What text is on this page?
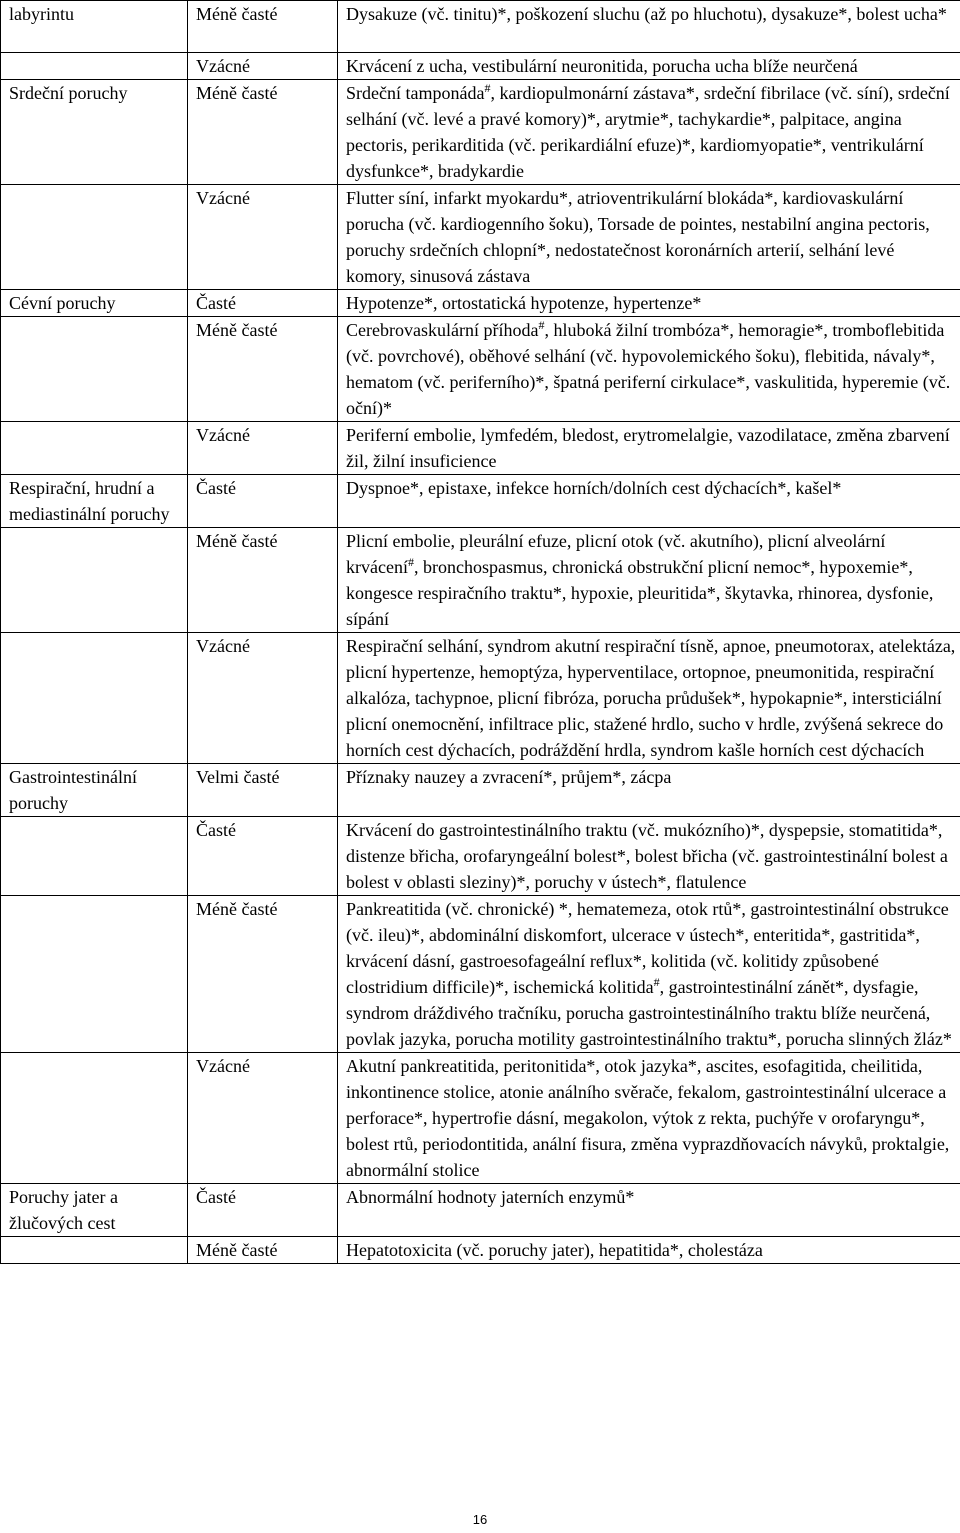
labyrintu	Méně časté	Dysakuze (vč. tinitu)*, poškození sluchu (až po hluchotu), dysakuze*, bolest ucha*
	Vzácné	Krvácení z ucha, vestibulární neuronitida, porucha ucha blíže neurčená
Srdeční poruchy	Méně časté	Srdeční tamponáda#, kardiopulmonární zástava*, srdeční fibrilace (vč. síní), srdeční selhání (vč. levé a pravé komory)*, arytmie*, tachykardie*, palpitace, angina pectoris, perikarditida (vč. perikardiální efuze)*, kardiomyopatie*, ventrikulární dysfunkce*, bradykardie
	Vzácné	Flutter síní, infarkt myokardu*, atrioventrikulární blokáda*, kardiovaskulární porucha (vč. kardiogenního šoku), Torsade de pointes, nestabilní angina pectoris, poruchy srdečních chlopní*, nedostatečnost koronárních arterií, selhání levé komory, sinusová zástava
Cévní poruchy	Časté	Hypotenze*, ortostatická hypotenze, hypertenze*
	Méně časté	Cerebrovaskulární příhoda#, hluboká žilní trombóza*, hemoragie*, tromboflebitida (vč. povrchové), oběhové selhání (vč. hypovolemického šoku), flebitida, návaly*, hematom (vč. periferního)*, špatná periferní cirkulace*, vaskulitida, hyperemie (vč. oční)*
	Vzácné	Periferní embolie, lymfedém, bledost, erytromelalgie, vazodilatace, změna zbarvení žil, žilní insuficience
Respirační, hrudní a mediastinální poruchy	Časté	Dyspnoe*, epistaxe, infekce horních/dolních cest dýchacích*, kašel*
	Méně časté	Plicní embolie, pleurální efuze, plicní otok (vč. akutního), plicní alveolární krvácení#, bronchospasmus, chronická obstrukční plicní nemoc*, hypoxemie*, kongesce respiračního traktu*, hypoxie, pleuritida*, škytavka, rhinorea, dysfonie, sípání
	Vzácné	Respirační selhání, syndrom akutní respirační tísně, apnoe, pneumotorax, atelektáza, plicní hypertenze, hemoptýza, hyperventilace, ortopnoe, pneumonitida, respirační alkalóza, tachypnoe, plicní fibróza, porucha průdušek*, hypokapnie*, intersticiální plicní onemocnění, infiltrace plic, stažené hrdlo, sucho v hrdle, zvýšená sekrece do horních cest dýchacích, podráždění hrdla, syndrom kašle horních cest dýchacích
Gastrointestinální poruchy	Velmi časté	Příznaky nauzey a zvracení*, průjem*, zácpa
	Časté	Krvácení do gastrointestinálního traktu (vč. mukózního)*, dyspepsie, stomatitida*, distenze břicha, orofaryngeální bolest*, bolest břicha (vč. gastrointestinální bolest a bolest v oblasti sleziny)*, poruchy v ústech*, flatulence
	Méně časté	Pankreatitida (vč. chronické) *, hematemeza, otok rtů*, gastrointestinální obstrukce (vč. ileu)*, abdominální diskomfort, ulcerace v ústech*, enteritida*, gastritida*, krvácení dásní, gastroesofageální reflux*, kolitida (vč. kolitidy způsobené clostridium difficile)*, ischemická kolitida#, gastrointestinální zánět*, dysfagie, syndrom dráždivého tračníku, porucha gastrointestinálního traktu blíže neurčená, povlak jazyka, porucha motility gastrointestinálního traktu*, porucha slinných žláz*
	Vzácné	Akutní pankreatitida, peritonitida*, otok jazyka*, ascites, esofagitida, cheilitida, inkontinence stolice, atonie análního svěrače, fekalom, gastrointestinální ulcerace a perforace*, hypertrofie dásní, megakolon, výtok z rekta, puchýře v orofaryngu*, bolest rtů, periodontitida, anální fisura, změna vyprazdňovacích návyků, proktalgie, abnormální stolice
Poruchy jater a žlučových cest	Časté	Abnormální hodnoty jaterních enzymů*
	Méně časté	Hepatotoxicita (vč. poruchy jater), hepatitida*, cholestáza
16
